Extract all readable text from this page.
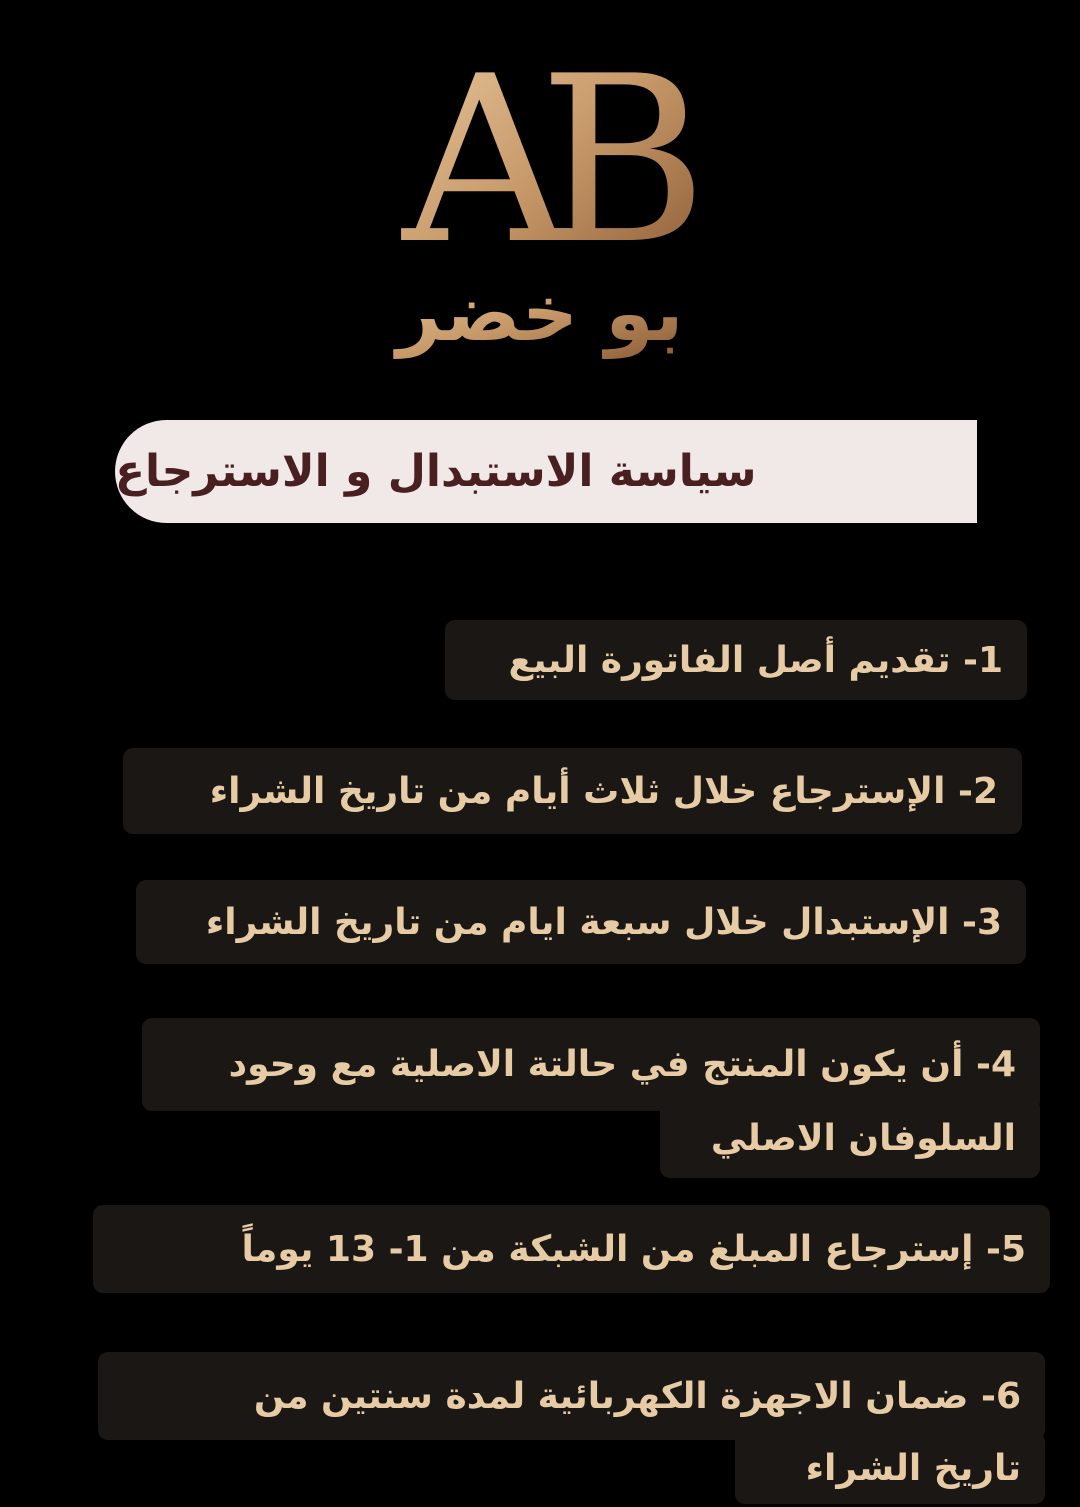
AB
بو خضر
سياسة الاستبدال و الاسترجاع
1- تقديم أصل الفاتورة البيع
2- الإسترجاع خلال ثلاث أيام من تاريخ الشراء
3- الإستبدال خلال سبعة ايام من تاريخ الشراء
4- أن يكون المنتج في حالتة الاصلية مع وحود
السلوفان الاصلي
5- إسترجاع المبلغ من الشبكة من 1- 13 يوماً
6- ضمان الاجهزة الكهربائية لمدة سنتين من
تاريخ الشراء
